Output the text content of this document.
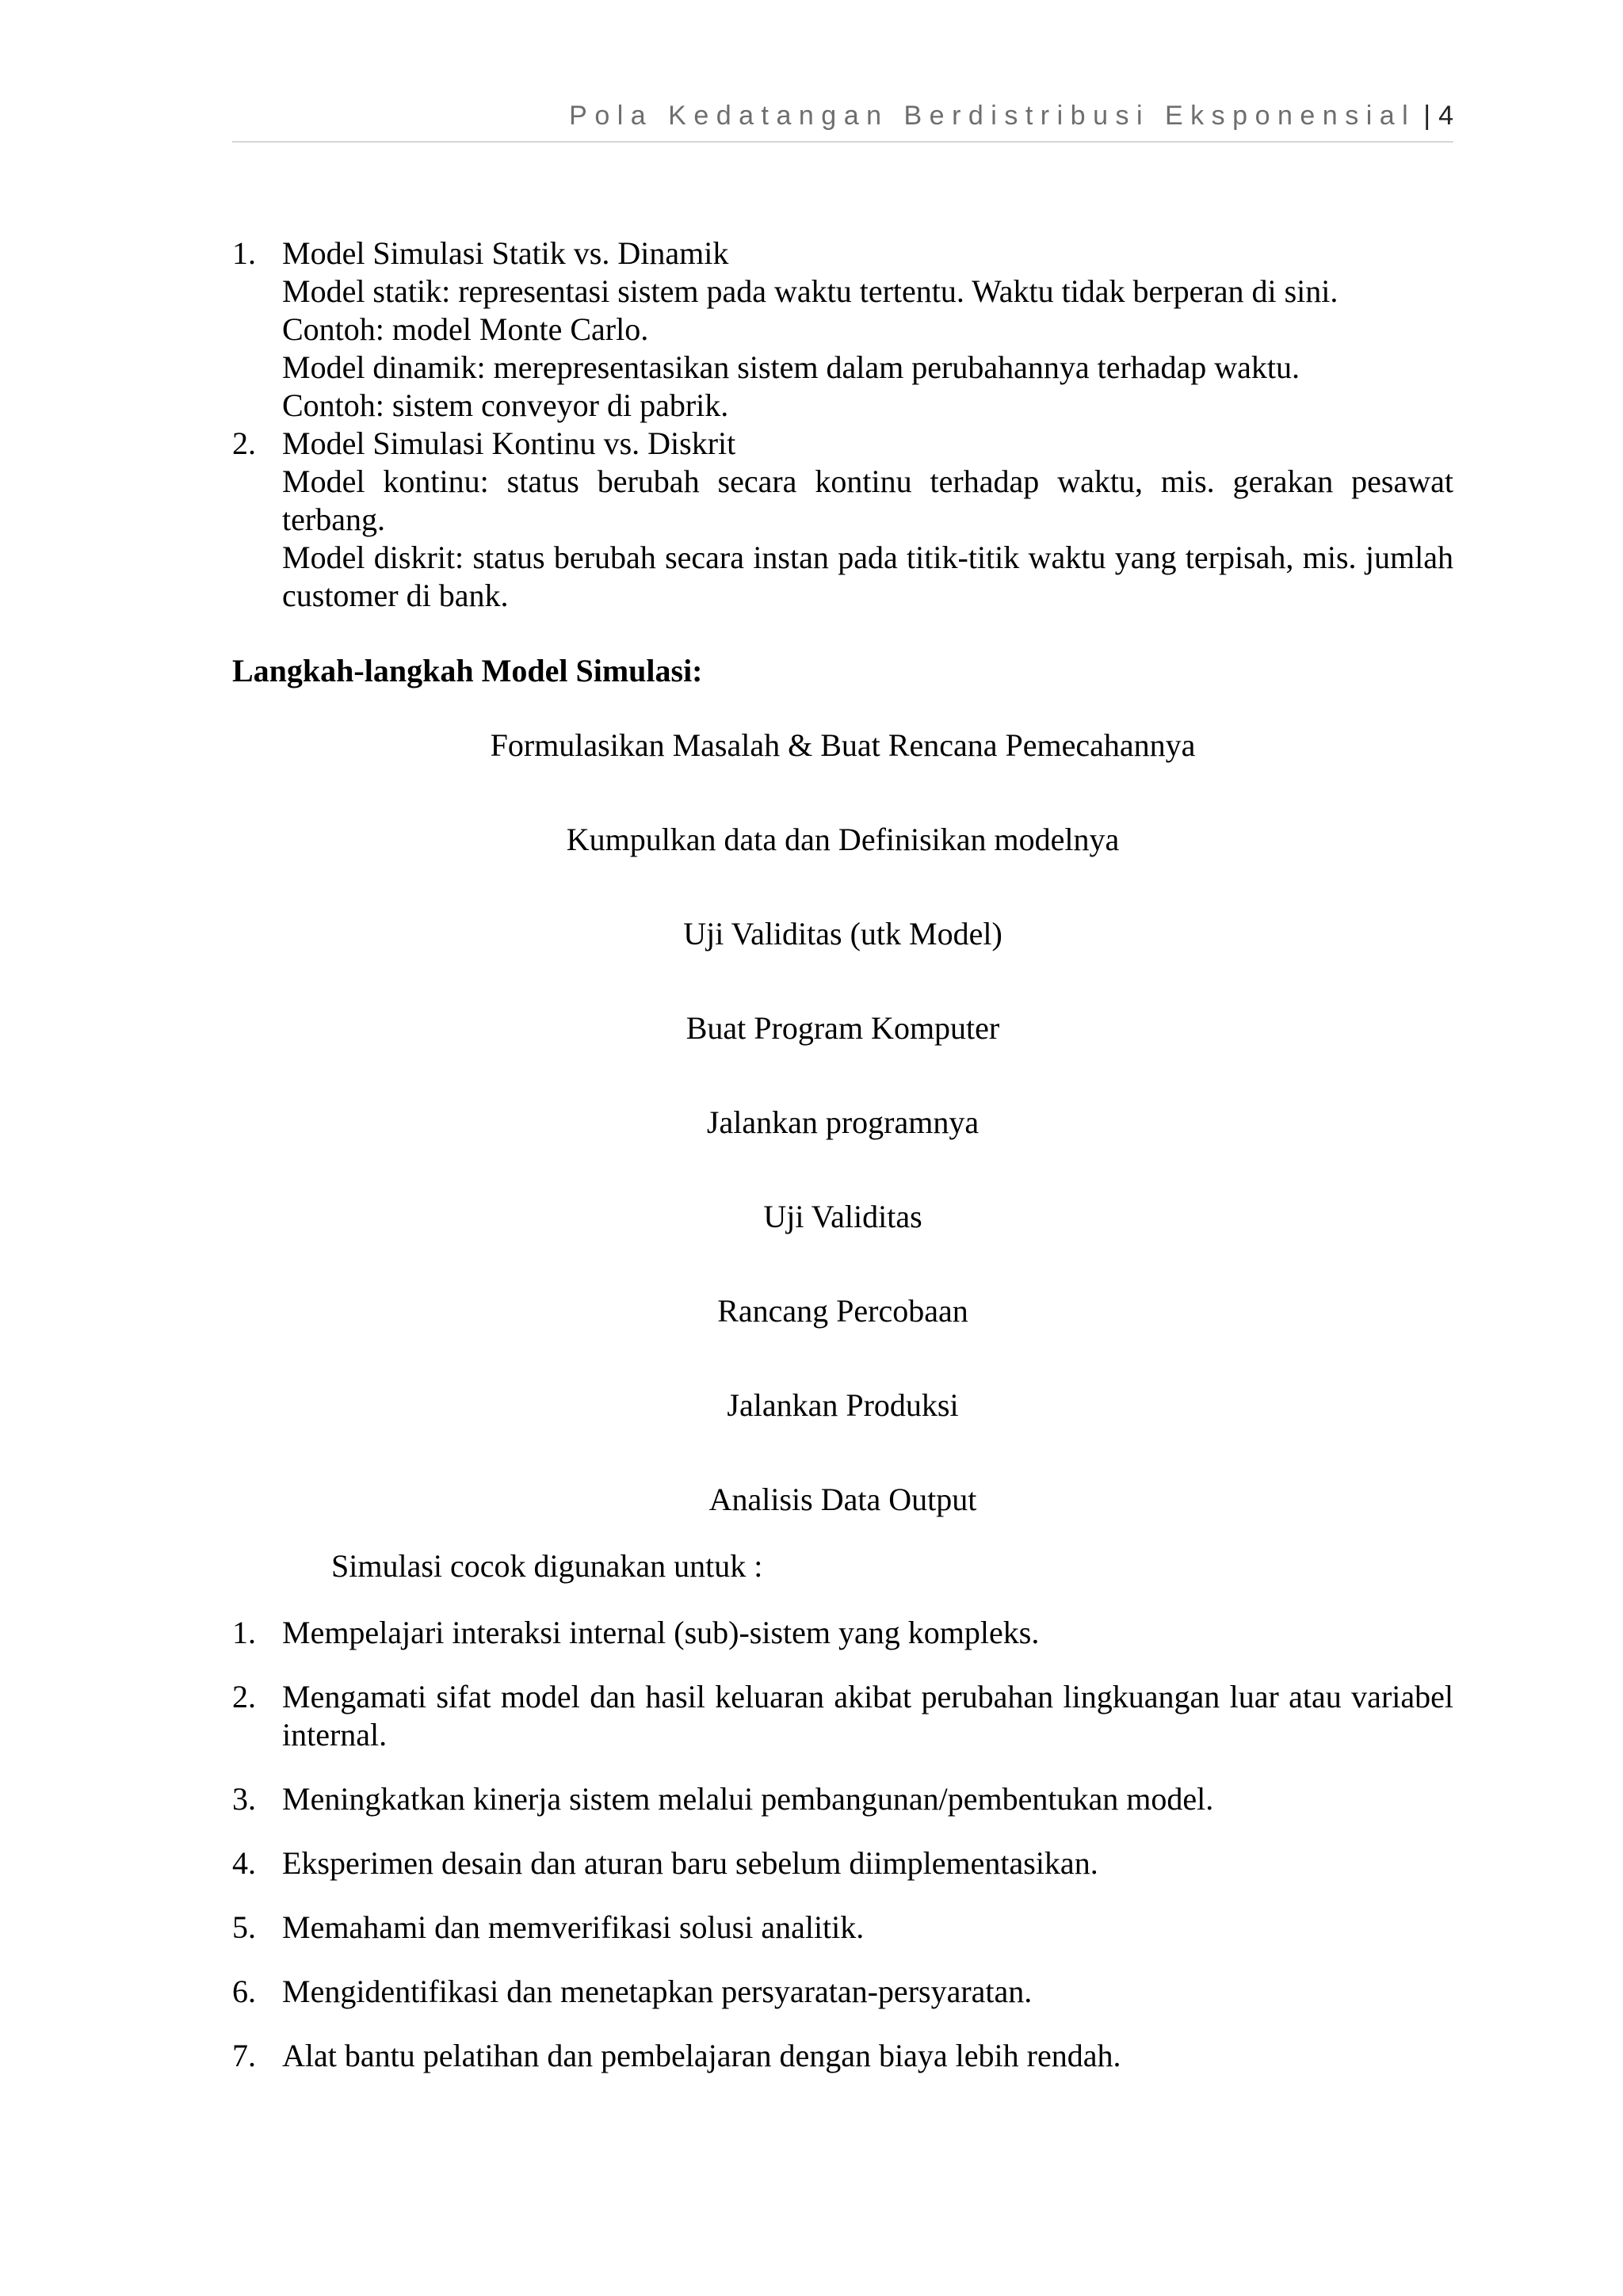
Pola Kedatangan Berdistribusi Eksponensial | 4
1. Model Simulasi Statik vs. Dinamik
Model statik: representasi sistem pada waktu tertentu. Waktu tidak berperan di sini.
Contoh: model Monte Carlo.
Model dinamik: merepresentasikan sistem dalam perubahannya terhadap waktu.
Contoh: sistem conveyor di pabrik.
2. Model Simulasi Kontinu vs. Diskrit
Model kontinu: status berubah secara kontinu terhadap waktu, mis. gerakan pesawat terbang.
Model diskrit: status berubah secara instan pada titik-titik waktu yang terpisah, mis. jumlah customer di bank.
Langkah-langkah Model Simulasi:
Formulasikan Masalah & Buat Rencana Pemecahannya
Kumpulkan data dan Definisikan modelnya
Uji Validitas (utk Model)
Buat Program Komputer
Jalankan programnya
Uji Validitas
Rancang Percobaan
Jalankan Produksi
Analisis Data Output
Simulasi cocok digunakan untuk :
1. Mempelajari interaksi internal (sub)-sistem yang kompleks.
2. Mengamati sifat model dan hasil keluaran akibat perubahan lingkuangan luar atau variabel internal.
3. Meningkatkan kinerja sistem melalui pembangunan/pembentukan model.
4. Eksperimen desain dan aturan baru sebelum diimplementasikan.
5. Memahami dan memverifikasi solusi analitik.
6. Mengidentifikasi dan menetapkan persyaratan-persyaratan.
7. Alat bantu pelatihan dan pembelajaran dengan biaya lebih rendah.
